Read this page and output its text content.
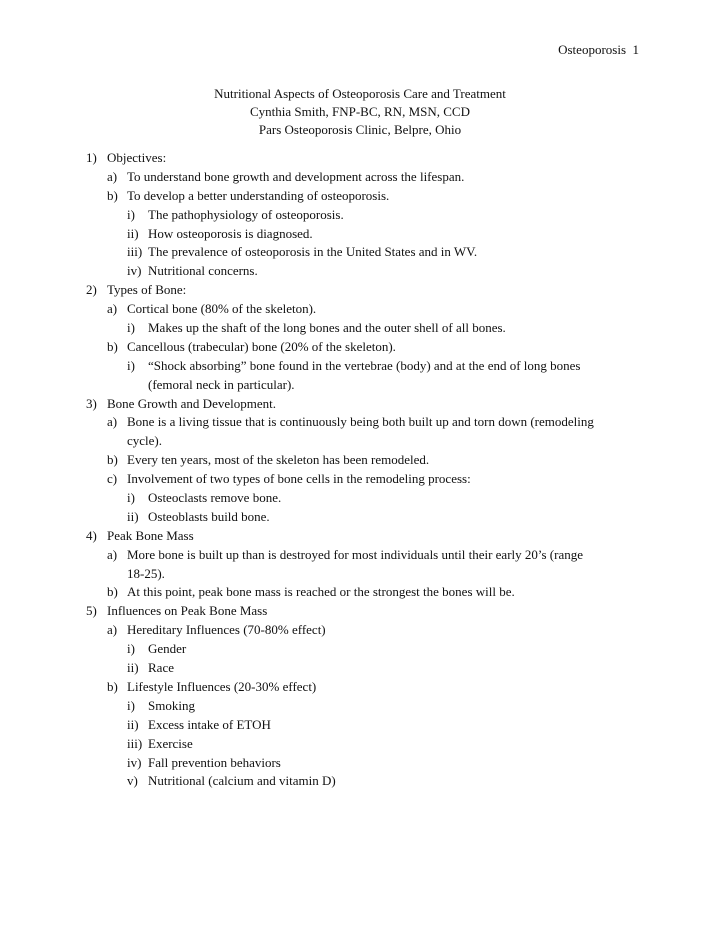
Osteoporosis 1
Nutritional Aspects of Osteoporosis Care and Treatment
Cynthia Smith, FNP-BC, RN, MSN, CCD
Pars Osteoporosis Clinic, Belpre, Ohio
1) Objectives:
a) To understand bone growth and development across the lifespan.
b) To develop a better understanding of osteoporosis.
i) The pathophysiology of osteoporosis.
ii) How osteoporosis is diagnosed.
iii) The prevalence of osteoporosis in the United States and in WV.
iv) Nutritional concerns.
2) Types of Bone:
a) Cortical bone (80% of the skeleton).
i) Makes up the shaft of the long bones and the outer shell of all bones.
b) Cancellous (trabecular) bone (20% of the skeleton).
i) “Shock absorbing” bone found in the vertebrae (body) and at the end of long bones
(femoral neck in particular).
3) Bone Growth and Development.
a) Bone is a living tissue that is continuously being both built up and torn down (remodeling
cycle).
b) Every ten years, most of the skeleton has been remodeled.
c) Involvement of two types of bone cells in the remodeling process:
i) Osteoclasts remove bone.
ii) Osteoblasts build bone.
4) Peak Bone Mass
a) More bone is built up than is destroyed for most individuals until their early 20’s (range
18-25).
b) At this point, peak bone mass is reached or the strongest the bones will be.
5) Influences on Peak Bone Mass
a) Hereditary Influences (70-80% effect)
i) Gender
ii) Race
b) Lifestyle Influences (20-30% effect)
i) Smoking
ii) Excess intake of ETOH
iii) Exercise
iv) Fall prevention behaviors
v) Nutritional (calcium and vitamin D)
